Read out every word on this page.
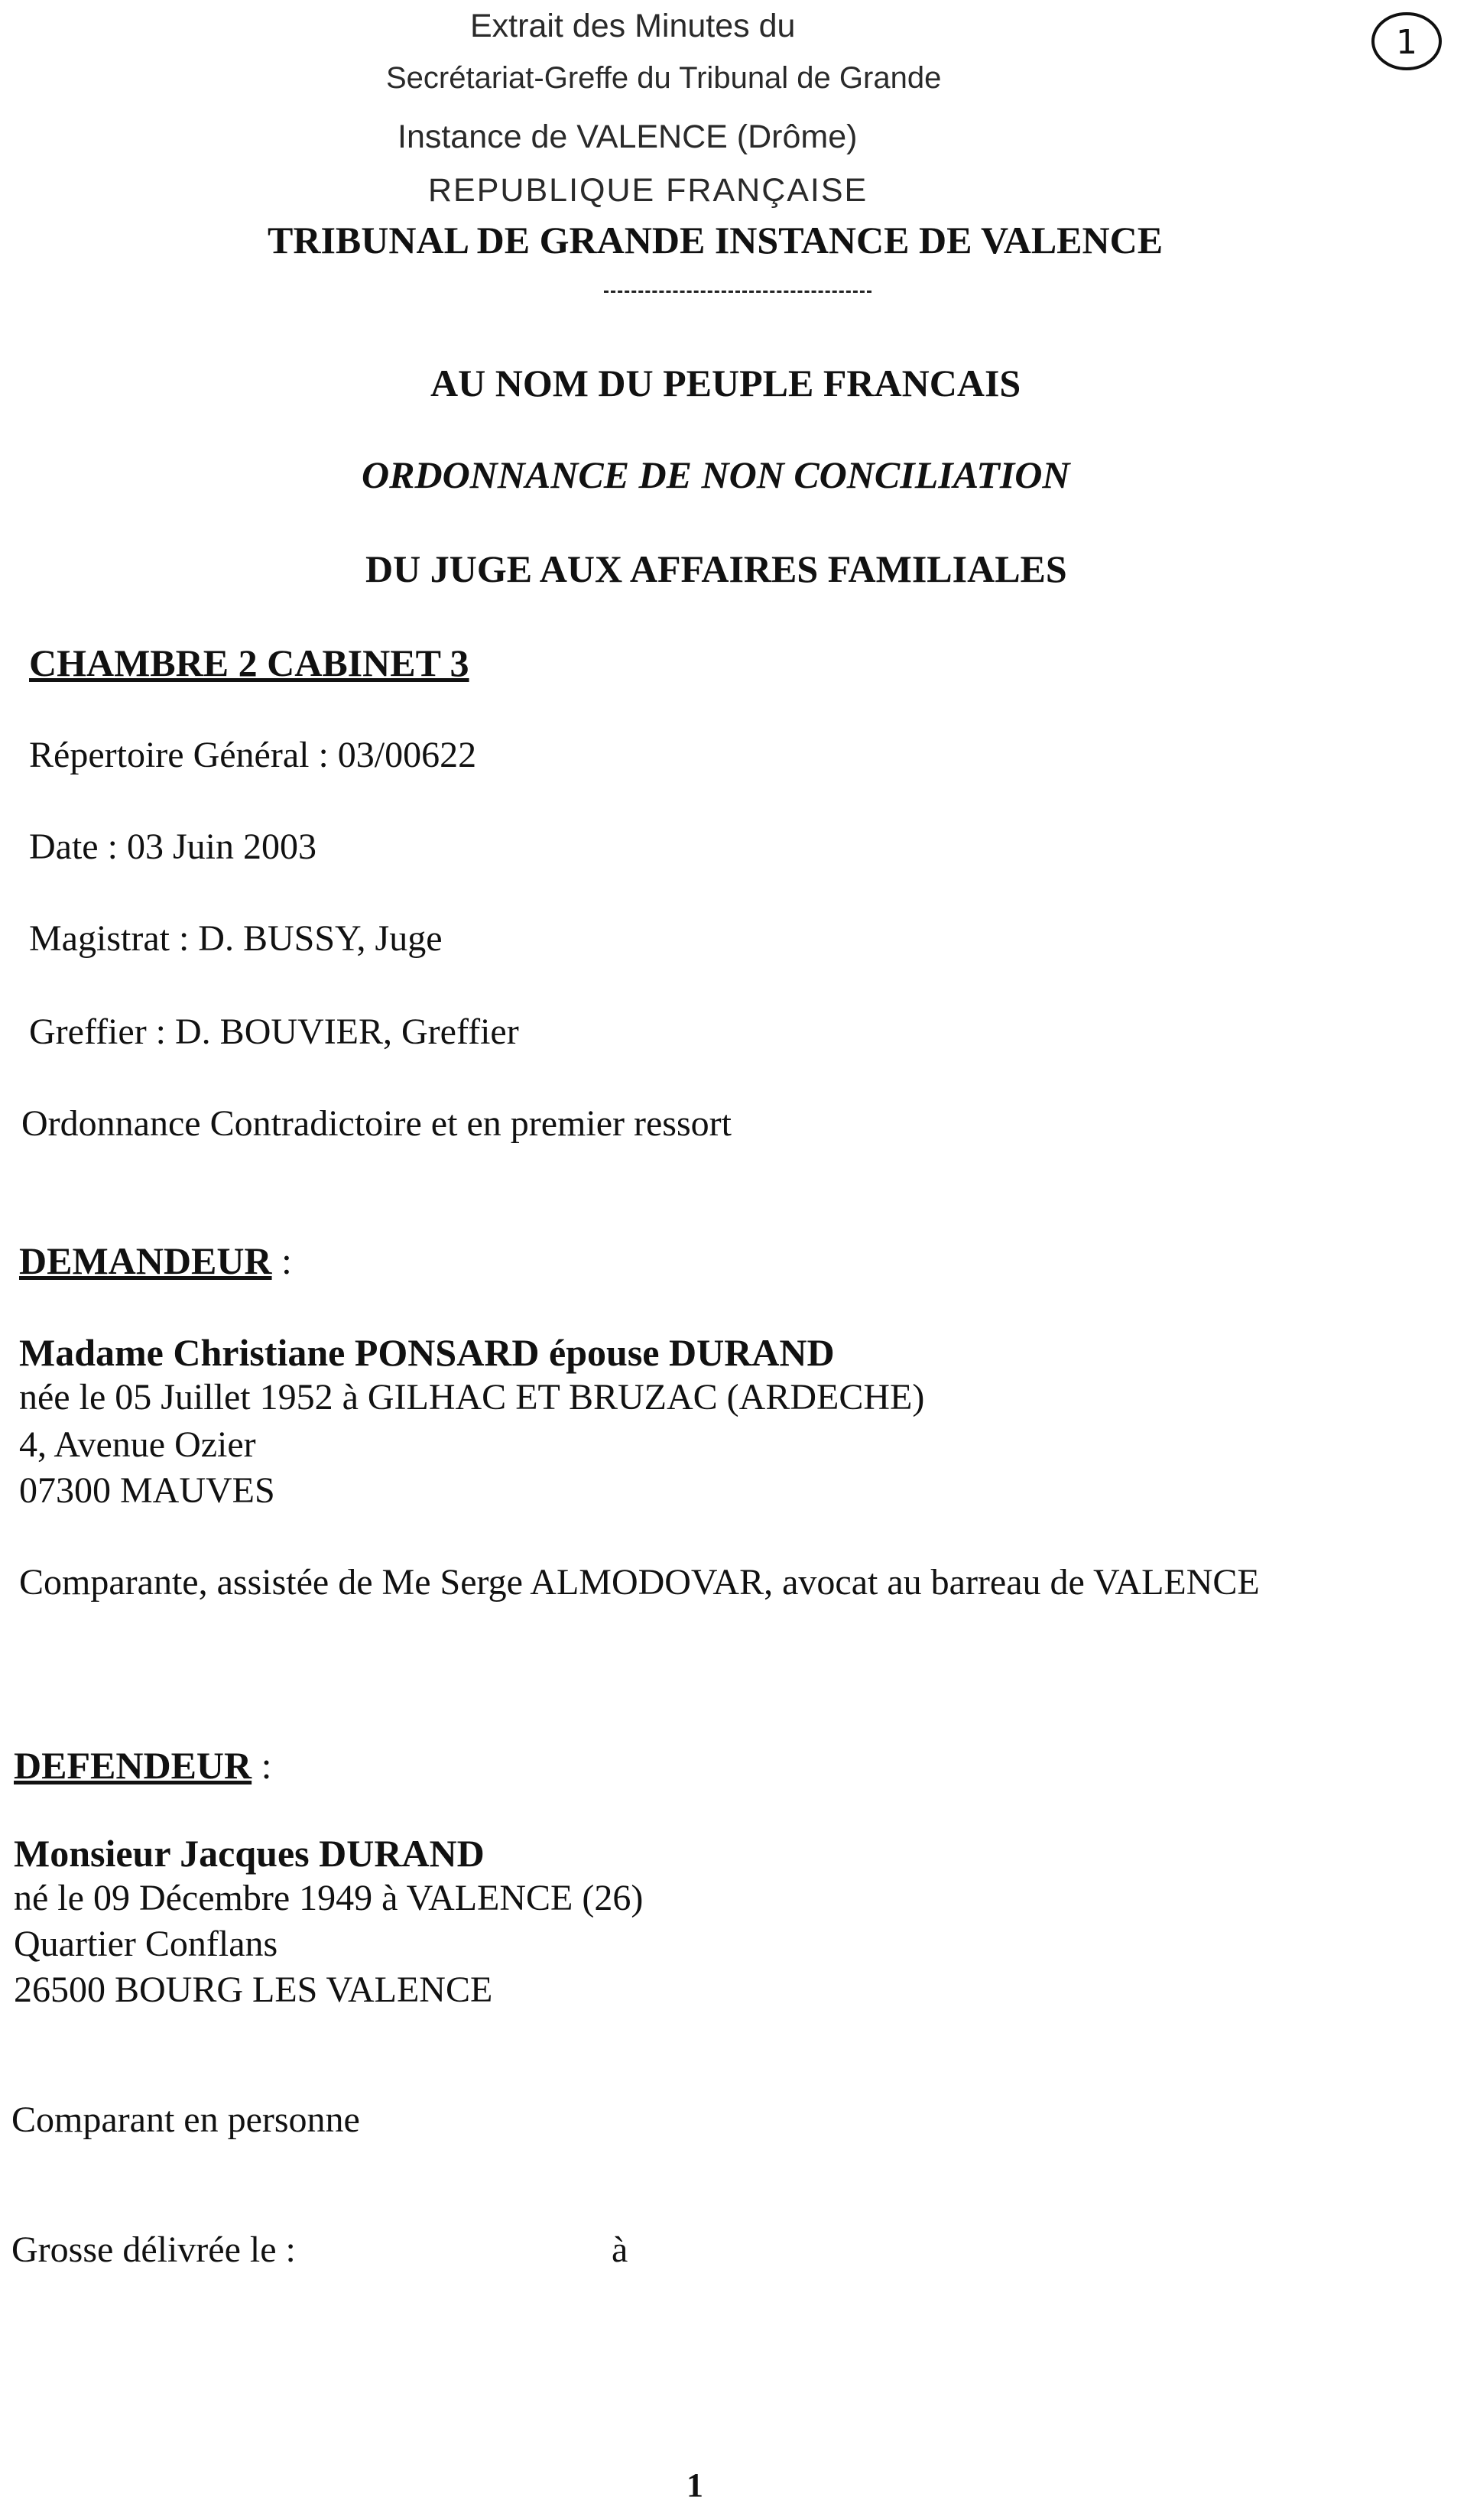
Extrait des Minutes du
Secrétariat-Greffe du Tribunal de Grande
Instance de VALENCE (Drôme)
REPUBLIQUE FRANÇAISE
1
TRIBUNAL DE GRANDE INSTANCE DE VALENCE
AU NOM DU PEUPLE FRANCAIS
ORDONNANCE DE NON CONCILIATION
DU JUGE AUX AFFAIRES FAMILIALES
CHAMBRE 2 CABINET 3
Répertoire Général : 03/00622
Date : 03 Juin 2003
Magistrat : D. BUSSY, Juge
Greffier : D. BOUVIER, Greffier
Ordonnance Contradictoire et en premier ressort
DEMANDEUR :
Madame Christiane PONSARD épouse DURAND
née le 05 Juillet 1952 à GILHAC ET BRUZAC (ARDECHE)
4, Avenue Ozier
07300 MAUVES
Comparante, assistée de Me Serge ALMODOVAR, avocat au barreau de VALENCE
DEFENDEUR :
Monsieur Jacques DURAND
né le 09 Décembre 1949 à VALENCE (26)
Quartier Conflans
26500 BOURG LES VALENCE
Comparant en personne
Grosse délivrée le :	à
1
